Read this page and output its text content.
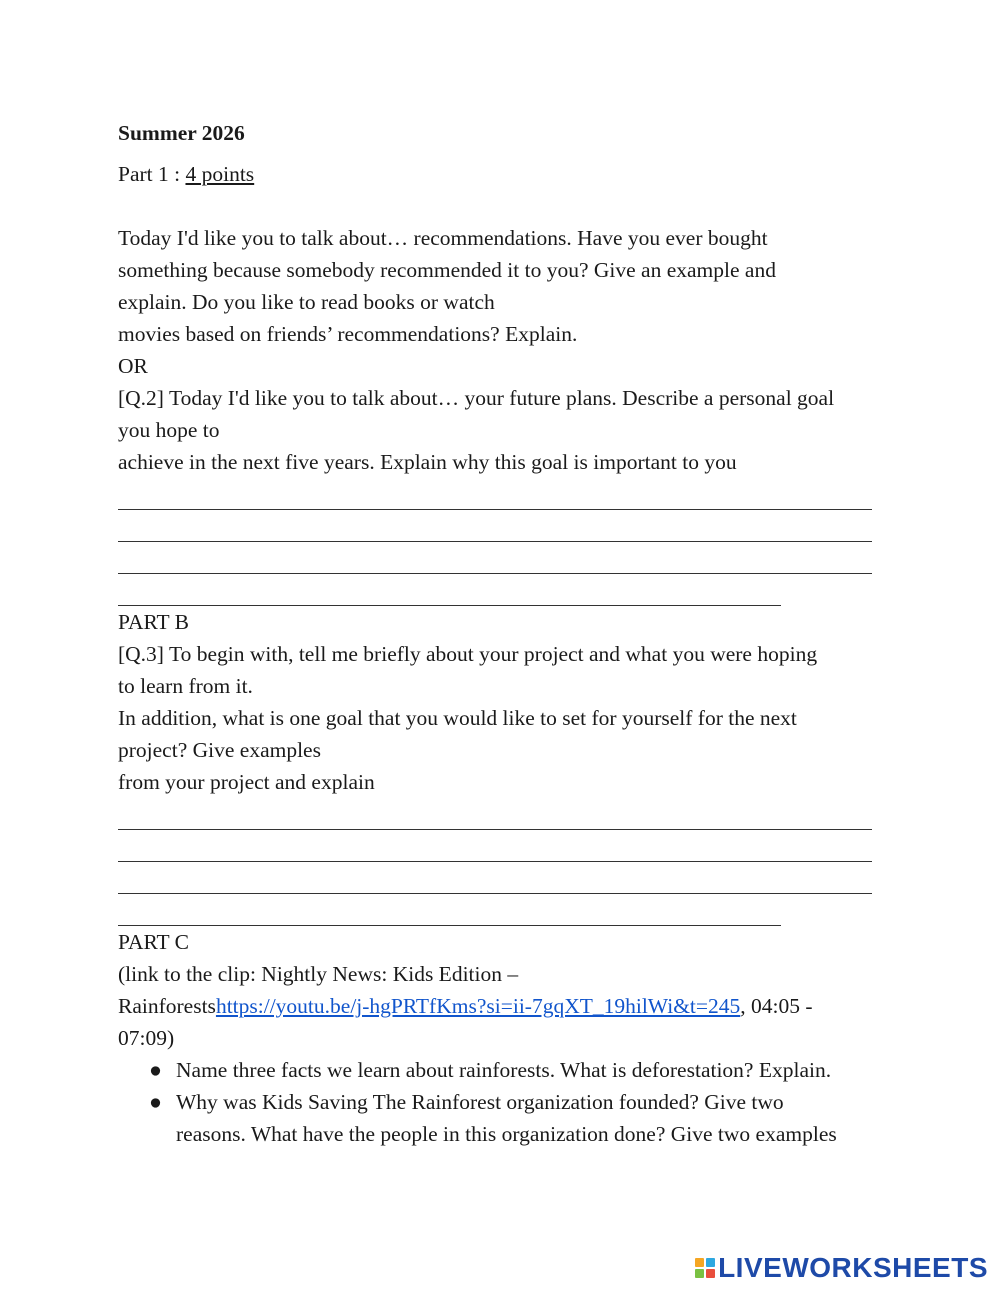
Summer 2026

Part 1 : 4 points

Today I'd like you to talk about… recommendations. Have you ever bought

something because somebody recommended it to you? Give an example and

explain. Do you like to read books or watch

movies based on friends’ recommendations? Explain.

OR

[Q.2] Today I'd like you to talk about… your future plans. Describe a personal goal

you hope to

achieve in the next five years. Explain why this goal is important to you

PART B

[Q.3] To begin with, tell me briefly about your project and what you were hoping

to learn from it.

In addition, what is one goal that you would like to set for yourself for the next

project? Give examples

from your project and explain

PART C

(link to the clip: Nightly News: Kids Edition –

Rainforestshttps://youtu.be/j-hgPRTfKms?si=ii-7gqXT_19hilWi&t=245, 04:05 -

07:09)

● Name three facts we learn about rainforests. What is deforestation? Explain.
● Why was Kids Saving The Rainforest organization founded? Give two
reasons. What have the people in this organization done? Give two examples
LIVEWORKSHEETS
